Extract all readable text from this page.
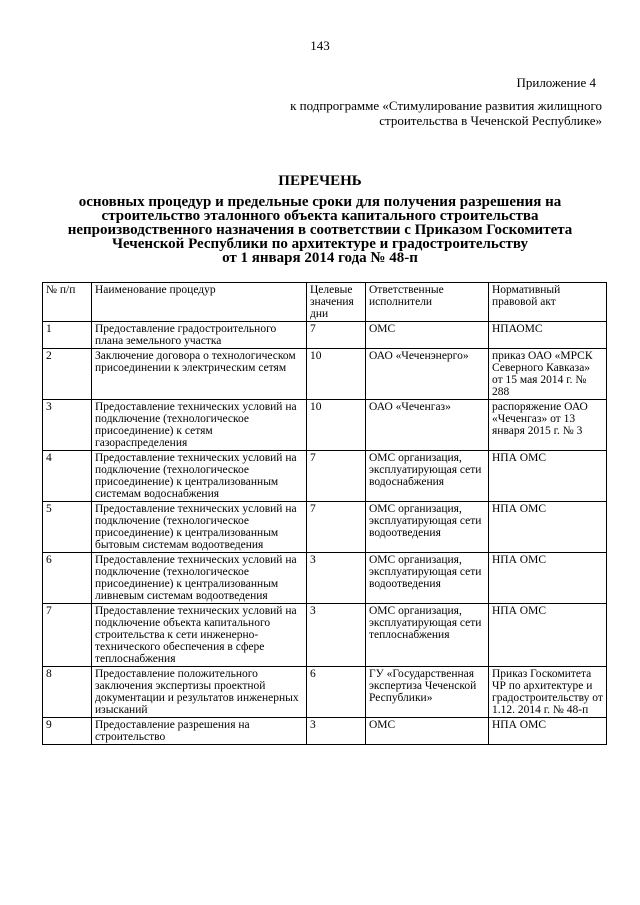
143
Приложение 4
к подпрограмме «Стимулирование развития жилищного
строительства в Чеченской Республике»
ПЕРЕЧЕНЬ
основных процедур и предельные сроки для получения разрешения на
строительство эталонного объекта капитального строительства
непроизводственного назначения в соответствии с Приказом Госкомитета
Чеченской Республики по архитектуре и градостроительству
от 1 января 2014 года № 48-п
№ п/п	Наименование процедур	Целевые значения дни	Ответственные исполнители	Нормативный правовой акт
1	Предоставление градостроительного плана земельного участка	7	ОМС	НПАОМС
2	Заключение договора о технологическом присоединении к электрическим сетям	10	ОАО «Чеченэнерго»	приказ ОАО «МРСК Северного Кавказа» от 15 мая 2014 г. № 288
3	Предоставление технических условий на подключение (технологическое присоединение) к сетям газораспределения	10	ОАО «Чеченгаз»	распоряжение ОАО «Чеченгаз» от 13 января 2015 г. № 3
4	Предоставление технических условий на подключение (технологическое присоединение) к централизованным системам водоснабжения	7	ОМС организация, эксплуатирующая сети водоснабжения	НПА ОМС
5	Предоставление технических условий на подключение (технологическое присоединение) к централизованным бытовым системам водоотведения	7	ОМС организация, эксплуатирующая сети водоотведения	НПА ОМС
6	Предоставление технических условий на подключение (технологическое присоединение) к централизованным ливневым системам водоотведения	3	ОМС организация, эксплуатирующая сети водоотведения	НПА ОМС
7	Предоставление технических условий на подключение объекта капитального строительства к сети инженерно-технического обеспечения в сфере теплоснабжения	3	ОМС организация, эксплуатирующая сети теплоснабжения	НПА ОМС
8	Предоставление положительного заключения экспертизы проектной документации и результатов инженерных изысканий	6	ГУ «Государственная экспертиза Чеченской Республики»	Приказ Госкомитета ЧР по архитектуре и градостроительству от 1.12. 2014 г. № 48-п
9	Предоставление разрешения на строительство	3	ОМС	НПА ОМС
